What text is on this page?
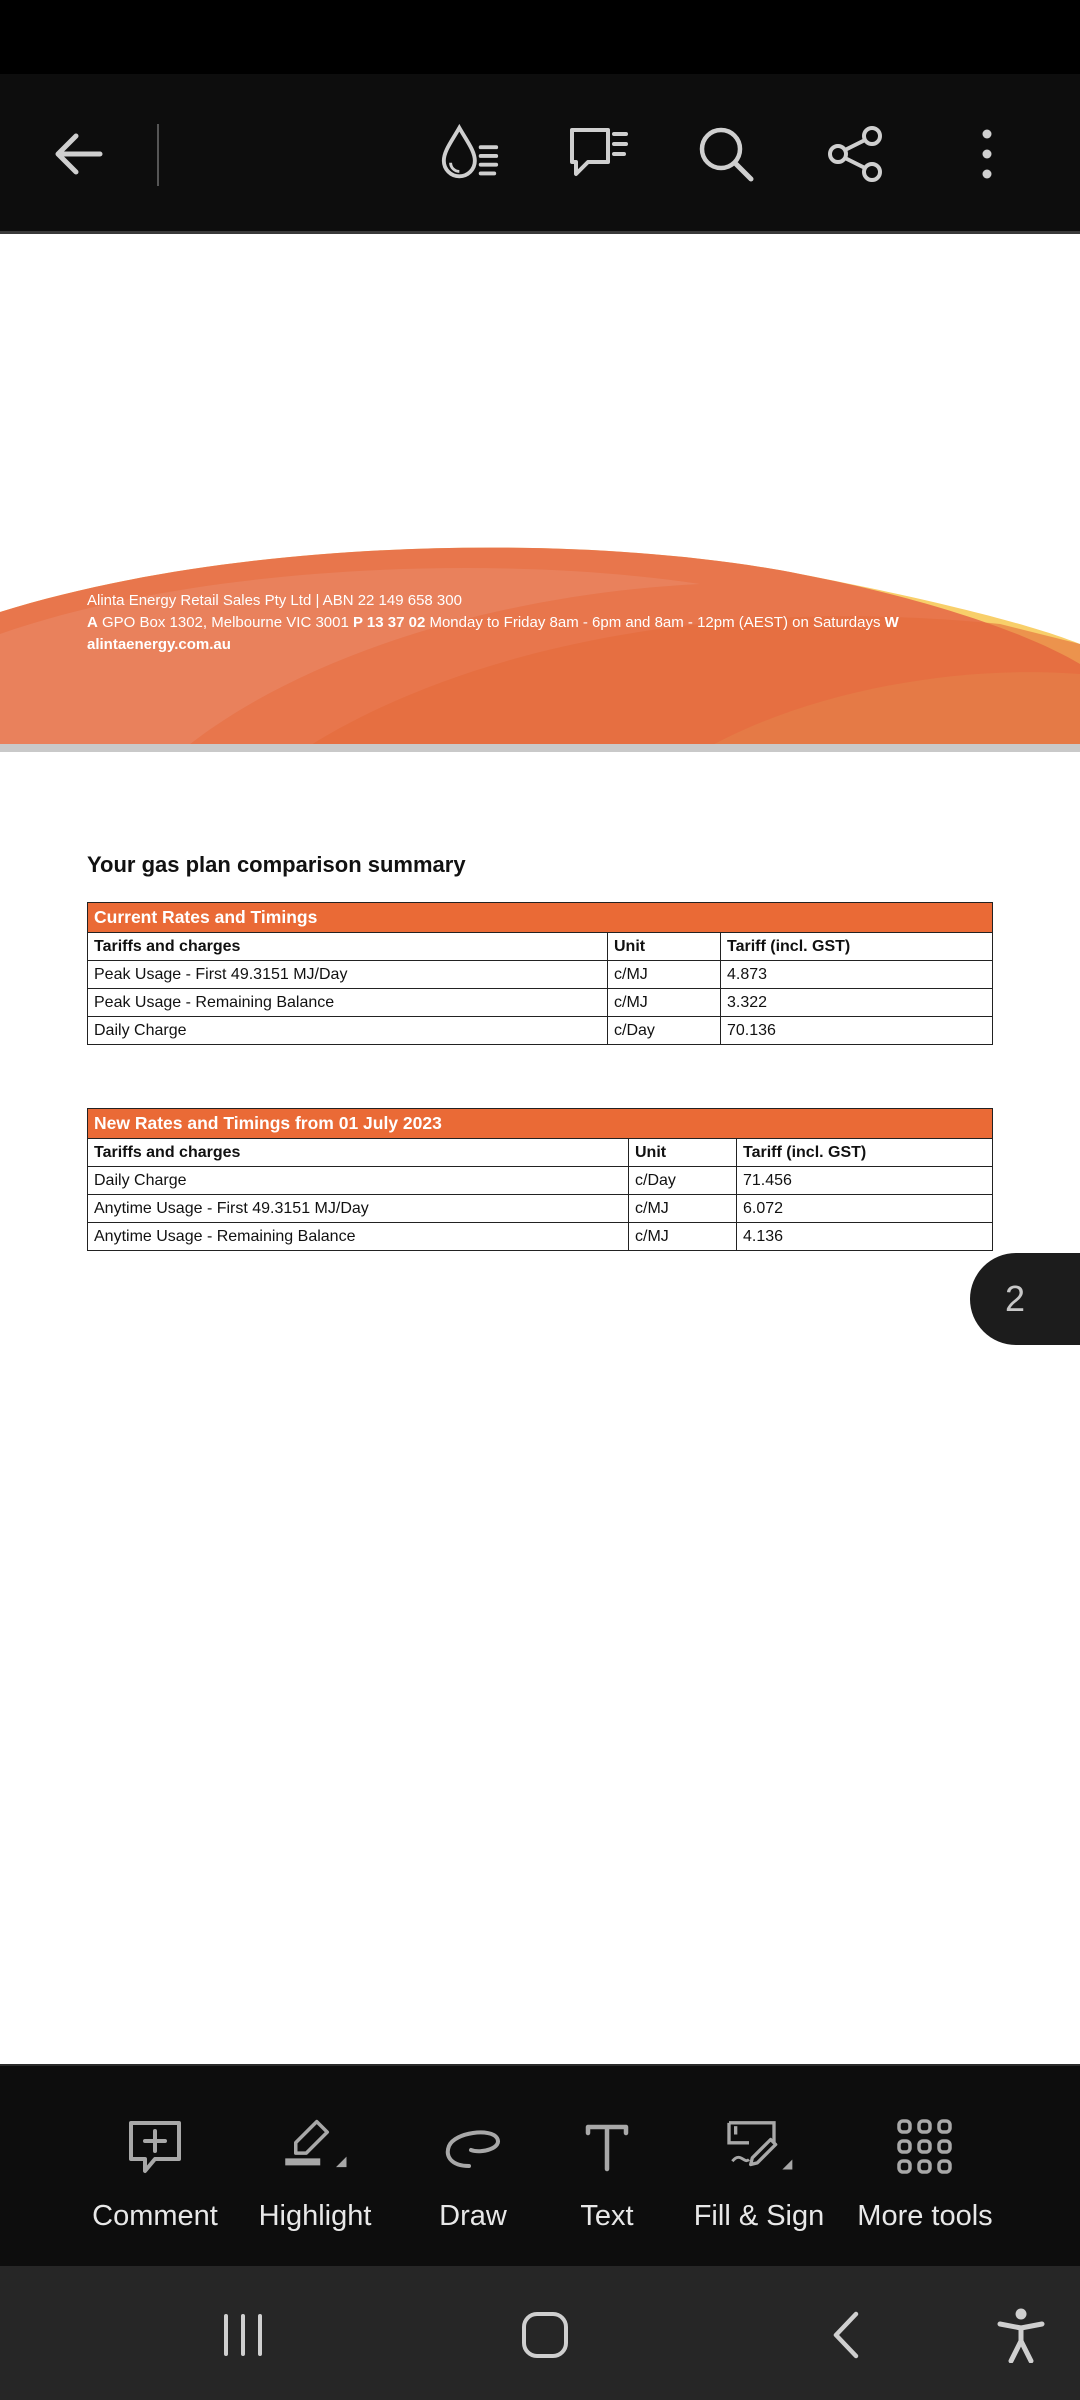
Alinta Energy Retail Sales Pty Ltd | ABN 22 149 658 300
A GPO Box 1302, Melbourne VIC 3001 P 13 37 02 Monday to Friday 8am - 6pm and 8am - 12pm (AEST) on Saturdays W
alintaenergy.com.au
Your gas plan comparison summary
Current Rates and Timings		
Tariffs and charges	Unit	Tariff (incl. GST)
Peak Usage - First 49.3151 MJ/Day	c/MJ	4.873
Peak Usage - Remaining Balance	c/MJ	3.322
Daily Charge	c/Day	70.136
New Rates and Timings from 01 July 2023		
Tariffs and charges	Unit	Tariff (incl. GST)
Daily Charge	c/Day	71.456
Anytime Usage - First 49.3151 MJ/Day	c/MJ	6.072
Anytime Usage - Remaining Balance	c/MJ	4.136
2
Comment Highlight Draw	Text Fill & Sign More tools
